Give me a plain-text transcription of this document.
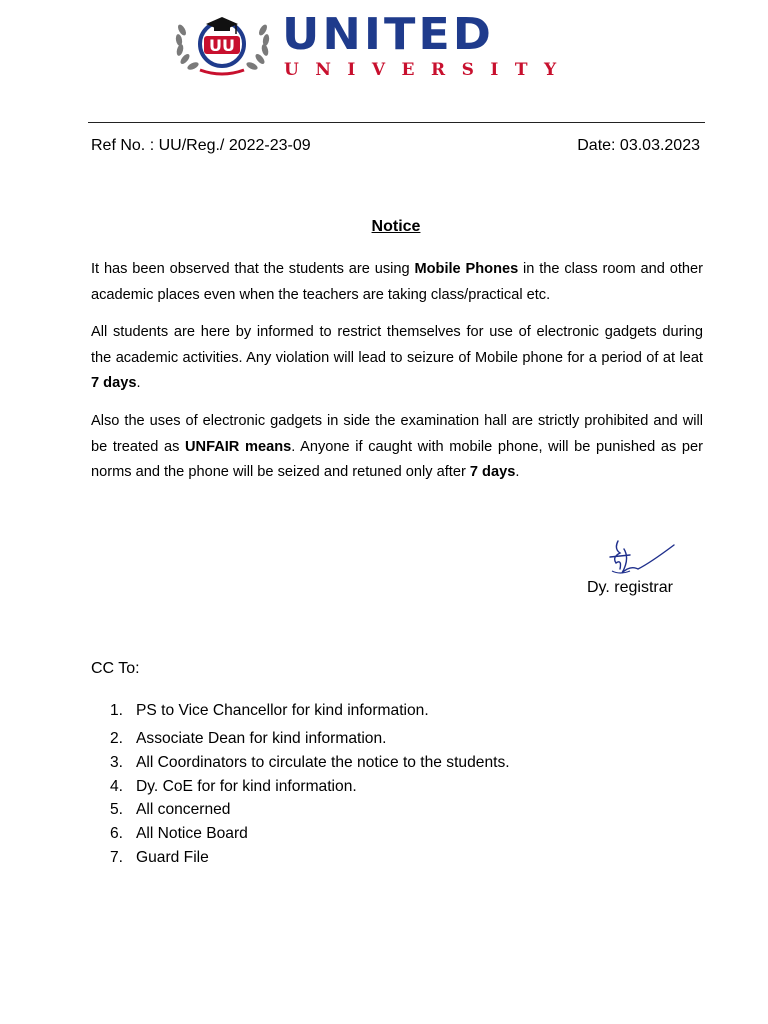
UU UNITED
UNIVERSITY
Ref No. : UU/Reg./ 2022-23-09	Date: 03.03.2023
Notice

It has been observed that the students are using Mobile Phones in the class room and other academic places even when the teachers are taking class/practical etc.

All students are here by informed to restrict themselves for use of electronic gadgets during the academic activities. Any violation will lead to seizure of Mobile phone for a period of at leat 7 days.

Also the uses of electronic gadgets in side the examination hall are strictly prohibited and will be treated as UNFAIR means. Anyone if caught with mobile phone, will be punished as per norms and the phone will be seized and retuned only after 7 days.

Dy. registrar
CC To:
1. PS to Vice Chancellor for kind information.
2. Associate Dean for kind information.
3. All Coordinators to circulate the notice to the students.
4. Dy. CoE for for kind information.
5. All concerned
6. All Notice Board
7. Guard File
